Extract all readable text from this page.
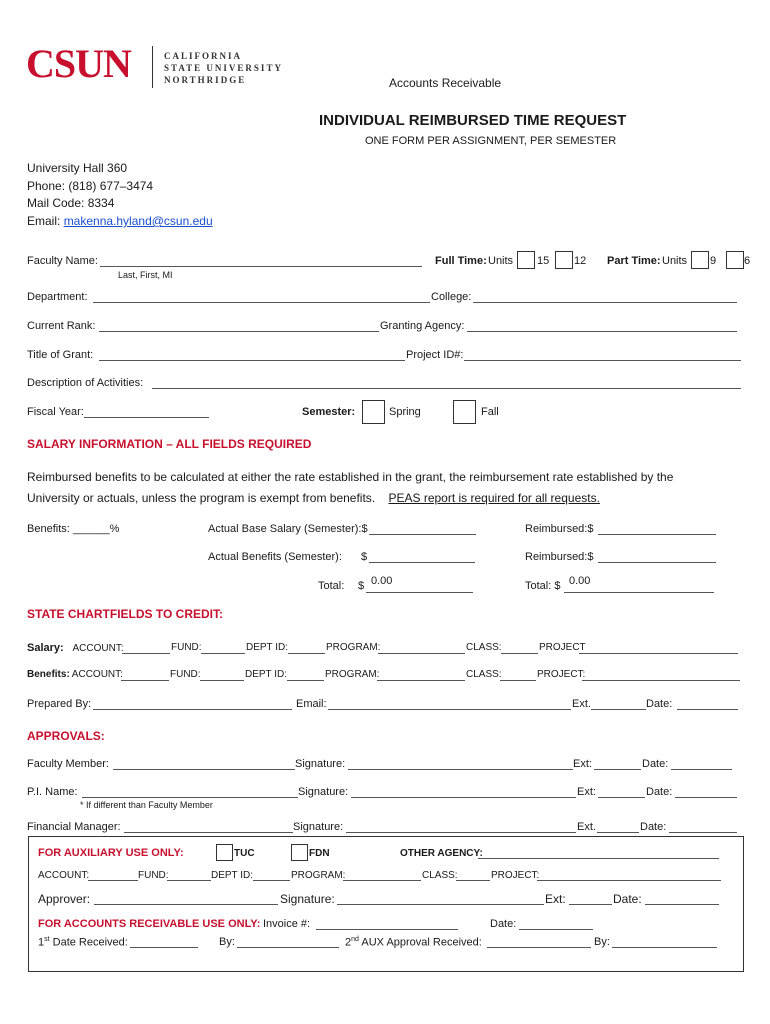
CSUN	CALIFORNIA
STATE UNIVERSITY
NORTHRIDGE	Accounts Receivable
INDIVIDUAL REIMBURSED TIME REQUEST
ONE FORM PER ASSIGNMENT, PER SEMESTER
University Hall 360
Phone: (818) 677–3474
Mail Code: 8334
Email: makenna.hyland@csun.edu
Faculty Name:
Last, First, MI
Full Time: Units 15 12 Part Time: Units 9	6
Department:	College:
Current Rank:	Granting Agency:
Title of Grant:	Project ID#:
Description of Activities:
Fiscal Year:	Semester:	Spring	Fall
SALARY INFORMATION – ALL FIELDS REQUIRED
Reimbursed benefits to be calculated at either the rate established in the grant, the reimbursement rate established by the
University or actuals, unless the program is exempt from benefits. PEAS report is required for all requests.
Benefits: ______%	Actual Base Salary (Semester):$	Reimbursed:$
Actual Benefits (Semester): $	Reimbursed:$
Total: $ 0.00	Total: $ 0.00
STATE CHARTFIELDS TO CREDIT:
Salary: ACCOUNT:	FUND:	DEPT ID:	PROGRAM:	CLASS:	PROJECT
Benefits: ACCOUNT:	FUND:	DEPT ID:	PROGRAM:	CLASS:	PROJECT:
Prepared By:	Email:	Ext.	Date:
APPROVALS:
Faculty Member:	Signature:	Ext:	Date:
P.I. Name:	Signature:	Ext:	Date:
* If different than Faculty Member
Financial Manager:	Signature:	Ext.	Date:
FOR AUXILIARY USE ONLY:	TUC	FDN	OTHER AGENCY:
ACCOUNT:	FUND:	DEPT ID:	PROGRAM:	CLASS:	PROJECT:
Approver:	Signature:	Ext:	Date:
FOR ACCOUNTS RECEIVABLE USE ONLY: Invoice #:	Date:
1st Date Received:	By:	2nd AUX Approval Received:	By:
